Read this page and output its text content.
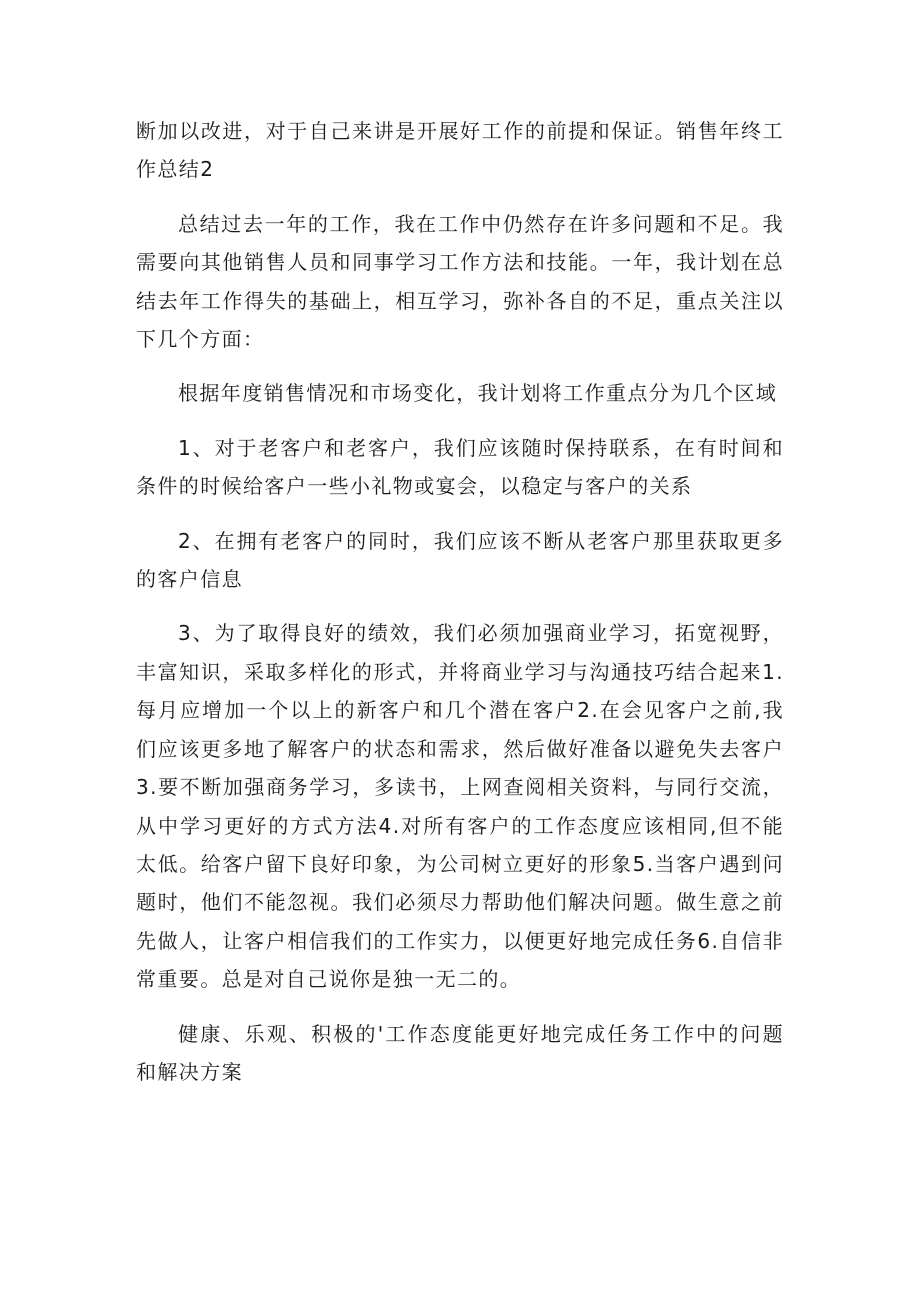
断加以改进，对于自己来讲是开展好工作的前提和保证。销售年终工作总结2

总结过去一年的工作，我在工作中仍然存在许多问题和不足。我需要向其他销售人员和同事学习工作方法和技能。一年，我计划在总结去年工作得失的基础上，相互学习，弥补各自的不足，重点关注以下几个方面：

根据年度销售情况和市场变化，我计划将工作重点分为几个区域

1、对于老客户和老客户，我们应该随时保持联系，在有时间和条件的时候给客户一些小礼物或宴会，以稳定与客户的关系

2、在拥有老客户的同时，我们应该不断从老客户那里获取更多的客户信息

3、为了取得良好的绩效，我们必须加强商业学习，拓宽视野，丰富知识，采取多样化的形式，并将商业学习与沟通技巧结合起来1.每月应增加一个以上的新客户和几个潜在客户2.在会见客户之前,我们应该更多地了解客户的状态和需求，然后做好准备以避免失去客户3.要不断加强商务学习，多读书，上网查阅相关资料，与同行交流，从中学习更好的方式方法4.对所有客户的工作态度应该相同,但不能太低。给客户留下良好印象，为公司树立更好的形象5.当客户遇到问题时，他们不能忽视。我们必须尽力帮助他们解决问题。做生意之前先做人，让客户相信我们的工作实力，以便更好地完成任务6.自信非常重要。总是对自己说你是独一无二的。

健康、乐观、积极的'工作态度能更好地完成任务工作中的问题和解决方案
